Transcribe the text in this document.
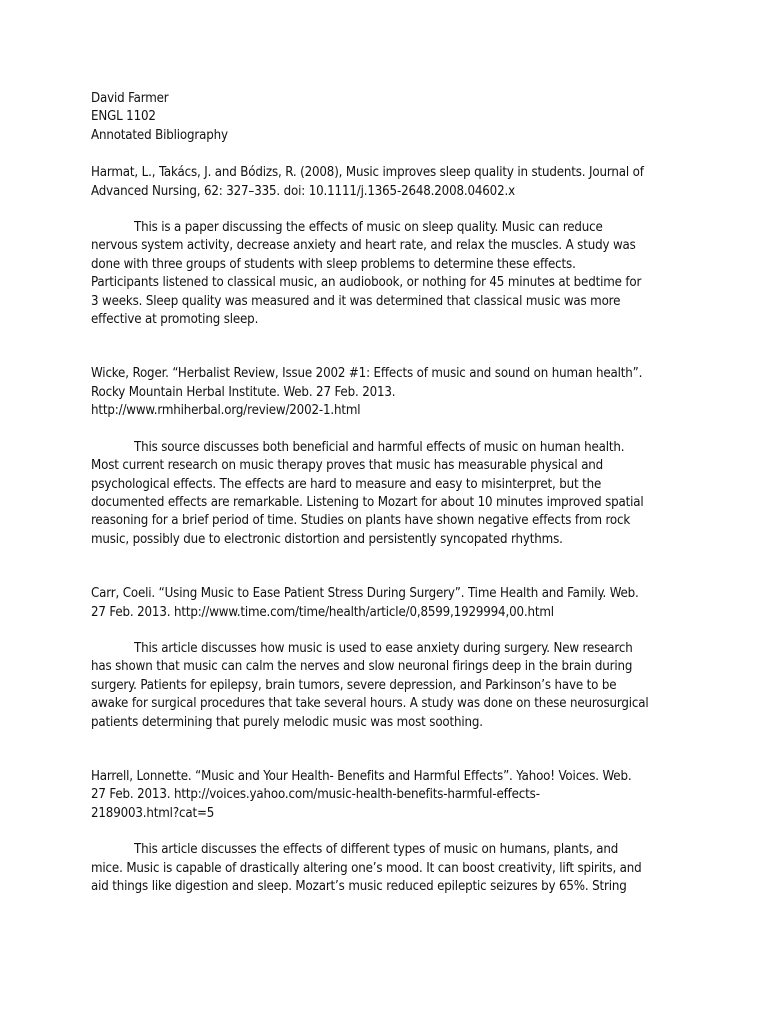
David Farmer
ENGL 1102
Annotated Bibliography
Harmat, L., Takács, J. and Bódizs, R. (2008), Music improves sleep quality in students. Journal of
Advanced Nursing, 62: 327–335. doi: 10.1111/j.1365-2648.2008.04602.x
This is a paper discussing the effects of music on sleep quality. Music can reduce
nervous system activity, decrease anxiety and heart rate, and relax the muscles. A study was
done with three groups of students with sleep problems to determine these effects.
Participants listened to classical music, an audiobook, or nothing for 45 minutes at bedtime for
3 weeks. Sleep quality was measured and it was determined that classical music was more
effective at promoting sleep.
Wicke, Roger. “Herbalist Review, Issue 2002 #1: Effects of music and sound on human health”.
Rocky Mountain Herbal Institute. Web. 27 Feb. 2013.
http://www.rmhiherbal.org/review/2002-1.html
This source discusses both beneficial and harmful effects of music on human health.
Most current research on music therapy proves that music has measurable physical and
psychological effects. The effects are hard to measure and easy to misinterpret, but the
documented effects are remarkable. Listening to Mozart for about 10 minutes improved spatial
reasoning for a brief period of time. Studies on plants have shown negative effects from rock
music, possibly due to electronic distortion and persistently syncopated rhythms.
Carr, Coeli. “Using Music to Ease Patient Stress During Surgery”. Time Health and Family. Web.
27 Feb. 2013. http://www.time.com/time/health/article/0,8599,1929994,00.html
This article discusses how music is used to ease anxiety during surgery. New research
has shown that music can calm the nerves and slow neuronal firings deep in the brain during
surgery. Patients for epilepsy, brain tumors, severe depression, and Parkinson’s have to be
awake for surgical procedures that take several hours. A study was done on these neurosurgical
patients determining that purely melodic music was most soothing.
Harrell, Lonnette. “Music and Your Health- Benefits and Harmful Effects”. Yahoo! Voices. Web.
27 Feb. 2013. http://voices.yahoo.com/music-health-benefits-harmful-effects-
2189003.html?cat=5
This article discusses the effects of different types of music on humans, plants, and
mice. Music is capable of drastically altering one’s mood. It can boost creativity, lift spirits, and
aid things like digestion and sleep. Mozart’s music reduced epileptic seizures by 65%. String
